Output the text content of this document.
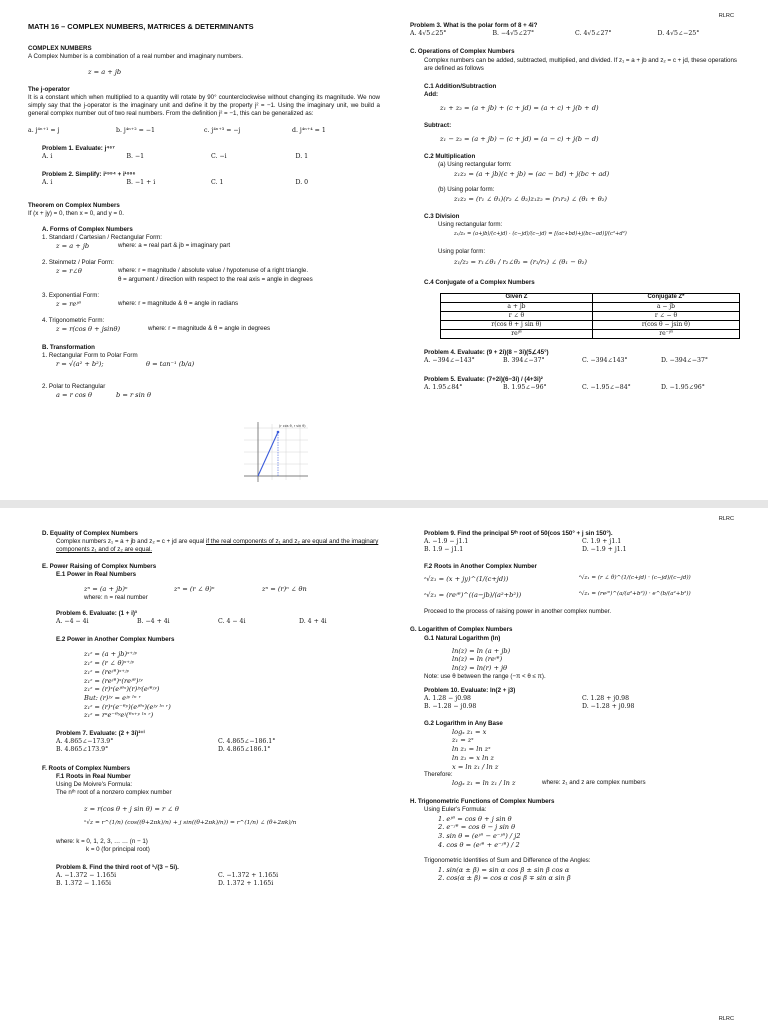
RLRC
MATH 16 – COMPLEX NUMBERS, MATRICES & DETERMINANTS
COMPLEX NUMBERS
A Complex Number is a combination of a real number and imaginary numbers.
z = a + jb
The j-operator
It is a constant which when multiplied to a quantity will rotate by 90° counterclockwise without changing its magnitude. We now simply say that the j-operator is the imaginary unit and define it by the property j² = −1. Using the imaginary unit, we build a general complex number out of two real numbers. From the definition j² = −1, this can be generalized as:
a. j⁴ⁿ⁺¹ = j	b. j⁴ⁿ⁺² = −1	c. j⁴ⁿ⁺³ = −j	d. j⁴ⁿ⁺⁴ = 1
Problem 1. Evaluate: j⁴⁶⁷
A. i	B. −1	C. −i	D. 1
Problem 2. Simplify: i¹⁹⁹⁴ + i¹⁹⁹⁶
A. i	B. −1 + i	C. 1	D. 0
Theorem on Complex Numbers
If (x + jy) = 0, then x = 0, and y = 0.
A. Forms of Complex Numbers
1. Standard / Cartesian / Rectangular Form:
z = a + jb	where: a = real part & jb = imaginary part
2. Steinmetz / Polar Form:
z = r∠θ	where: r = magnitude / absolute value / hypotenuse of a right triangle.
θ = argument / direction with respect to the real axis = angle in degrees
3. Exponential Form:
z = reʲᶿ	where: r = magnitude & θ = angle in radians
4. Trigonometric Form:
z = r(cos θ + jsinθ)	where: r = magnitude & θ = angle in degrees
B. Transformation
1. Rectangular Form to Polar Form
r = √(a² + b²);	θ = tan⁻¹ (b/a)
2. Polar to Rectangular
a = r cos θ	b = r sin θ
(r cos θ, r sin θ)
Problem 3. What is the polar form of 8 + 4i?
A. 4√5∠25°	B. −4√5∠27°	C. 4√5∠27°	D. 4√5∠−25°
C. Operations of Complex Numbers
Complex numbers can be added, subtracted, multiplied, and divided. If z₁ = a + jb and z₂ = c + jd, these operations are defined as follows
C.1 Addition/Subtraction
Add:
z₁ + z₂ = (a + jb) + (c + jd) = (a + c) + j(b + d)
Subtract:
z₁ − z₂ = (a + jb) − (c + jd) = (a − c) + j(b − d)
C.2 Multiplication
(a) Using rectangular form:
z₁z₂ = (a + jb)(c + jb) = (ac − bd) + j(bc + ad)
(b) Using polar form:
z₁z₂ = (r₁ ∠ θ₁)(r₂ ∠ θ₂)z₁z₂ = (r₁r₂) ∠ (θ₁ + θ₂)
C.3 Division
Using rectangular form:
z₁/z₂ = (a+jb)/(c+jd) · (c−jd)/(c−jd) = [(ac+bd)+j(bc−ad)]/(c²+d²)
Using polar form:
z₁/z₂ = r₁∠θ₁ / r₂∠θ₂ = (r₁/r₂) ∠ (θ₁ − θ₂)
C.4 Conjugate of a Complex Numbers
Given Z	Conjugate Z*
a + jb	a − jb
r ∠ θ	r ∠ − θ
r(cos θ + j sin θ)	r(cos θ − jsin θ)
reʲᶿ	re⁻ʲᶿ
Problem 4. Evaluate: (9 + 2i)(8 − 3i)(5∠45°)
A. −394∠−143°	B. 394∠−37°	C. −394∠143°	D. −394∠−37°
Problem 5. Evaluate: (7+2i)(6−3i) / (4+3i)²
A. 1.95∠84°	B. 1.95∠−96°	C. −1.95∠−84°	D. −1.95∠96°
RLRC
D. Equality of Complex Numbers
Complex numbers z₁ = a + jb and z₂ = c + jd are equal if the real components of z₁ and z₂ are equal and the imaginary components z₁ and of z₂ are equal.
E. Power Raising of Complex Numbers
E.1 Power in Real Numbers
zⁿ = (a + jb)ⁿ	zⁿ = (r ∠ θ)ⁿ	zⁿ = (r)ⁿ ∠ θn
where: n = real number
Problem 6. Evaluate: (1 + i)³
A. −4 − 4i	B. −4 + 4i	C. 4 − 4i	D. 4 + 4i
E.2 Power in Another Complex Numbers
z₁ᶻ = (a + jb)ˣ⁺ʲʸ
z₁ᶻ = (r ∠ θ)ˣ⁺ʲʸ
z₁ᶻ = (reʲᶿ)ˣ⁺ʲʸ
z₁ᶻ = (reʲᶿ)ˣ(reʲᶿ)ʲʸ
z₁ᶻ = (r)ˣ(eʲᶿˣ)(r)ʲʸ(eʲᶿʲʸ)
But: (r)ʲʸ = eʲʸ ˡⁿ ʳ
z₁ᶻ = (r)ˣ(e⁻ᶿʸ)(eʲᶿˣ)(eʲʸ ˡⁿ ʳ)
z₁ᶻ = rˣe⁻ᶿʸeʲ(ᶿˣ⁺ʸ ˡⁿ ʳ)
Problem 7. Evaluate: (2 + 3i)²⁺ⁱ
A. 4.865∠−173.9°	C. 4.865∠−186.1°
B. 4.865∠173.9°	D. 4.865∠186.1°
F. Roots of Complex Numbers
F.1 Roots in Real Number
Using De Moivre's Formula:
The nᵗʰ root of a nonzero complex number
z = r(cos θ + j sin θ) = r ∠ θ
ⁿ√z = r^(1/n) (cos((θ+2πk)/n) + j sin((θ+2πk)/n)) = r^(1/n) ∠ (θ+2πk)/n
where: k = 0, 1, 2, 3, … … (n − 1)
k = 0 (for principal root)
Problem 8. Find the third root of ³√(3 − 5i).
A. −1.372 − 1.165i	C. −1.372 + 1.165i
B. 1.372 − 1.165i	D. 1.372 + 1.165i
Problem 9. Find the principal 5ᵗʰ root of 50(cos 150° + j sin 150°).
A. −1.9 − j1.1	C. 1.9 + j1.1
B. 1.9 − j1.1	D. −1.9 + j1.1
F.2 Roots in Another Complex Number
ᶻ√z₁ = (x + jy)^(1/(c+jd))	ᶻ√z₁ = (r ∠ θ)^(1/(c+jd) · (c−jd)/(c−jd))
ᶻ√z₁ = (reʲᶿ)^((a−jb)/(a²+b²))	ᶻ√z₁ = (reʲᶿ)^(a/(a²+b²)) · e^(b/(a²+b²))
Proceed to the process of raising power in another complex number.
G. Logarithm of Complex Numbers
G.1 Natural Logarithm (ln)
ln(z) = ln (a + jb)
ln(z) = ln (reʲᶿ)
ln(z) = ln(r) + jθ
Note: use θ between the range (−π < θ ≤ π).
Problem 10. Evaluate: ln(2 + j3)
A. 1.28 − j0.98	C. 1.28 + j0.98
B. −1.28 − j0.98	D. −1.28 + j0.98
G.2 Logarithm in Any Base
logₓ z₁ = x
z₁ = zˣ
ln z₁ = ln zˣ
ln z₁ = x ln z
x = ln z₁ / ln z
Therefore:
logₓ z₁ = ln z₁ / ln z	where: z₁ and z are complex numbers
H. Trigonometric Functions of Complex Numbers
Using Euler's Formula:
1. eʲᶿ = cos θ + j sin θ
2. e⁻ʲᶿ = cos θ − j sin θ
3. sin θ = (eʲᶿ − e⁻ʲᶿ) / j2
4. cos θ = (eʲᶿ + e⁻ʲᶿ) / 2
Trigonometric Identities of Sum and Difference of the Angles:
1. sin(α ± β) = sin α cos β ± sin β cos α
2. cos(α ± β) = cos α cos β ∓ sin α sin β
RLRC
